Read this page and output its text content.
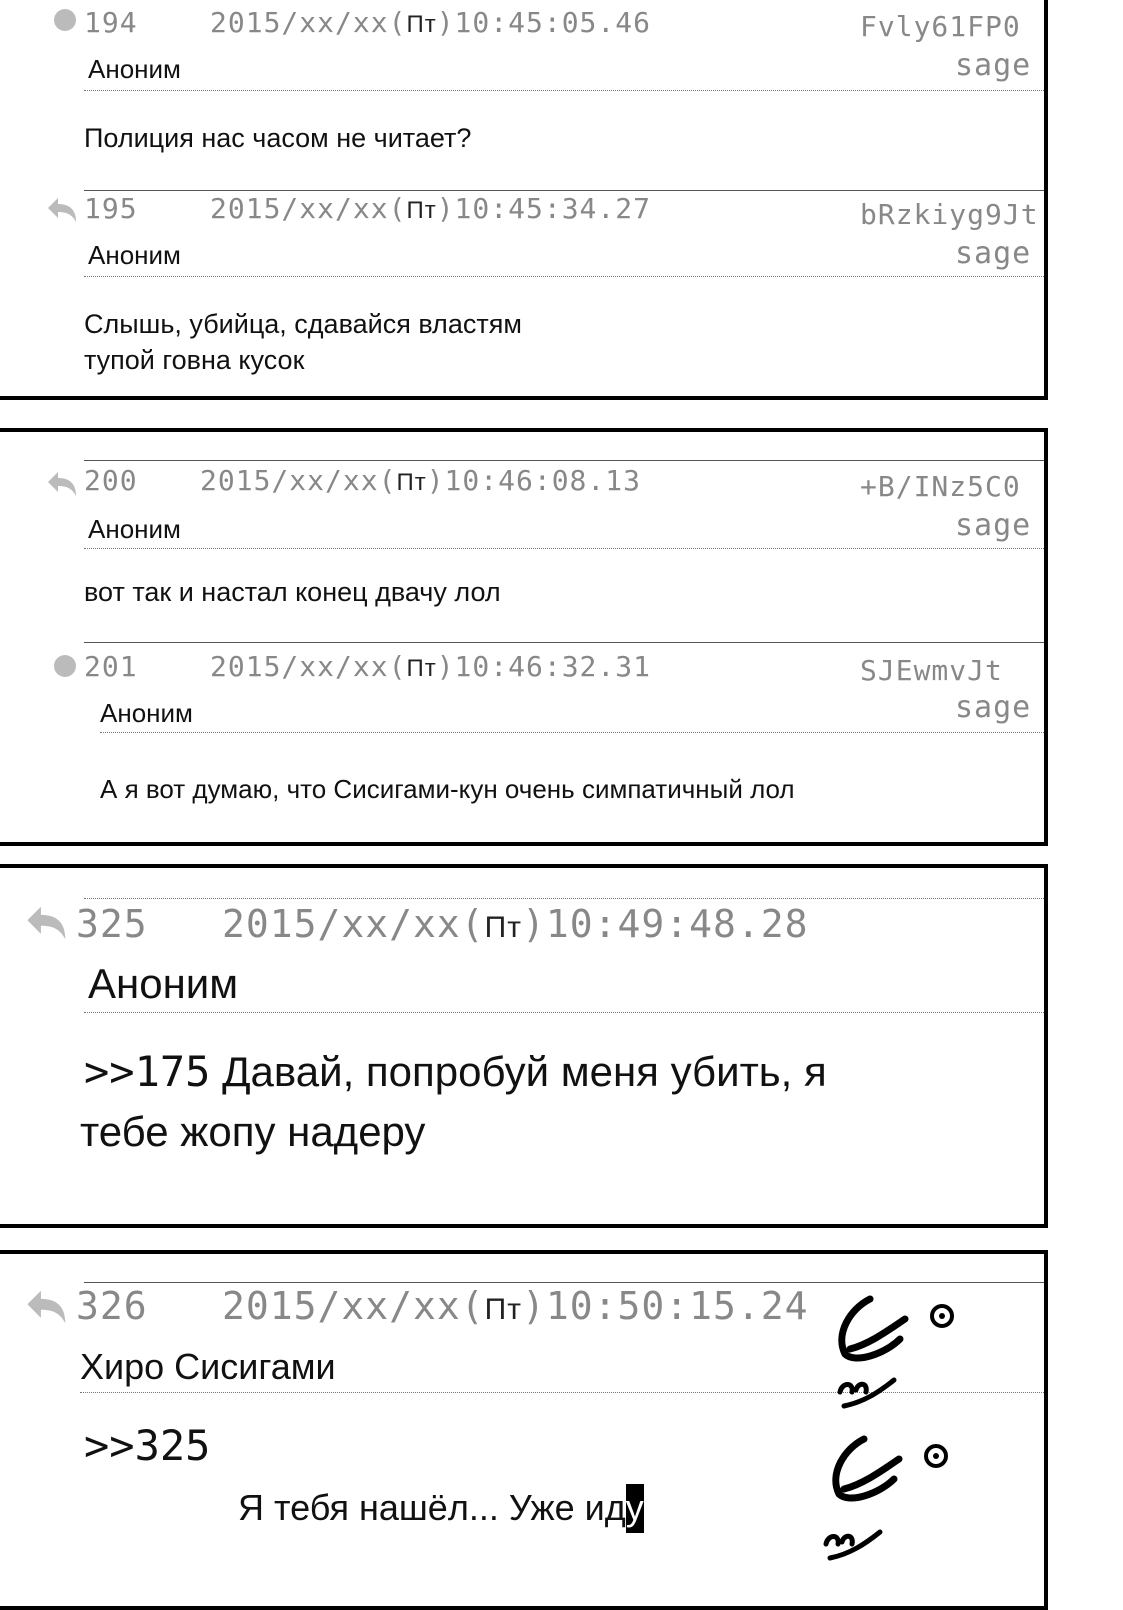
194	2015/xx/xx(Пт)10:45:05.46	Fvly61FP0
sage
Аноним
Полиция нас часом не читает?
195	2015/xx/xx(Пт)10:45:34.27	bRzkiyg9Jt
sage
Аноним
Слышь, убийца, сдавайся властям
тупой говна кусок
200 2015/xx/xx(Пт)10:46:08.13	+B/INz5C0
sage
Аноним
вот так и настал конец двачу лол
201	2015/xx/xx(Пт)10:46:32.31	SJEwmvJt
sage
Аноним
А я вот думаю, что Сисигами-кун очень симпатичный лол
325 2015/xx/xx(Пт)10:49:48.28
Аноним
>>175 Давай, попробуй меня убить, я
тебе жопу надеру
326 2015/xx/xx(Пт)10:50:15.24
Хиро Сисигами
>>325
Я тебя нашёл... Уже иду
